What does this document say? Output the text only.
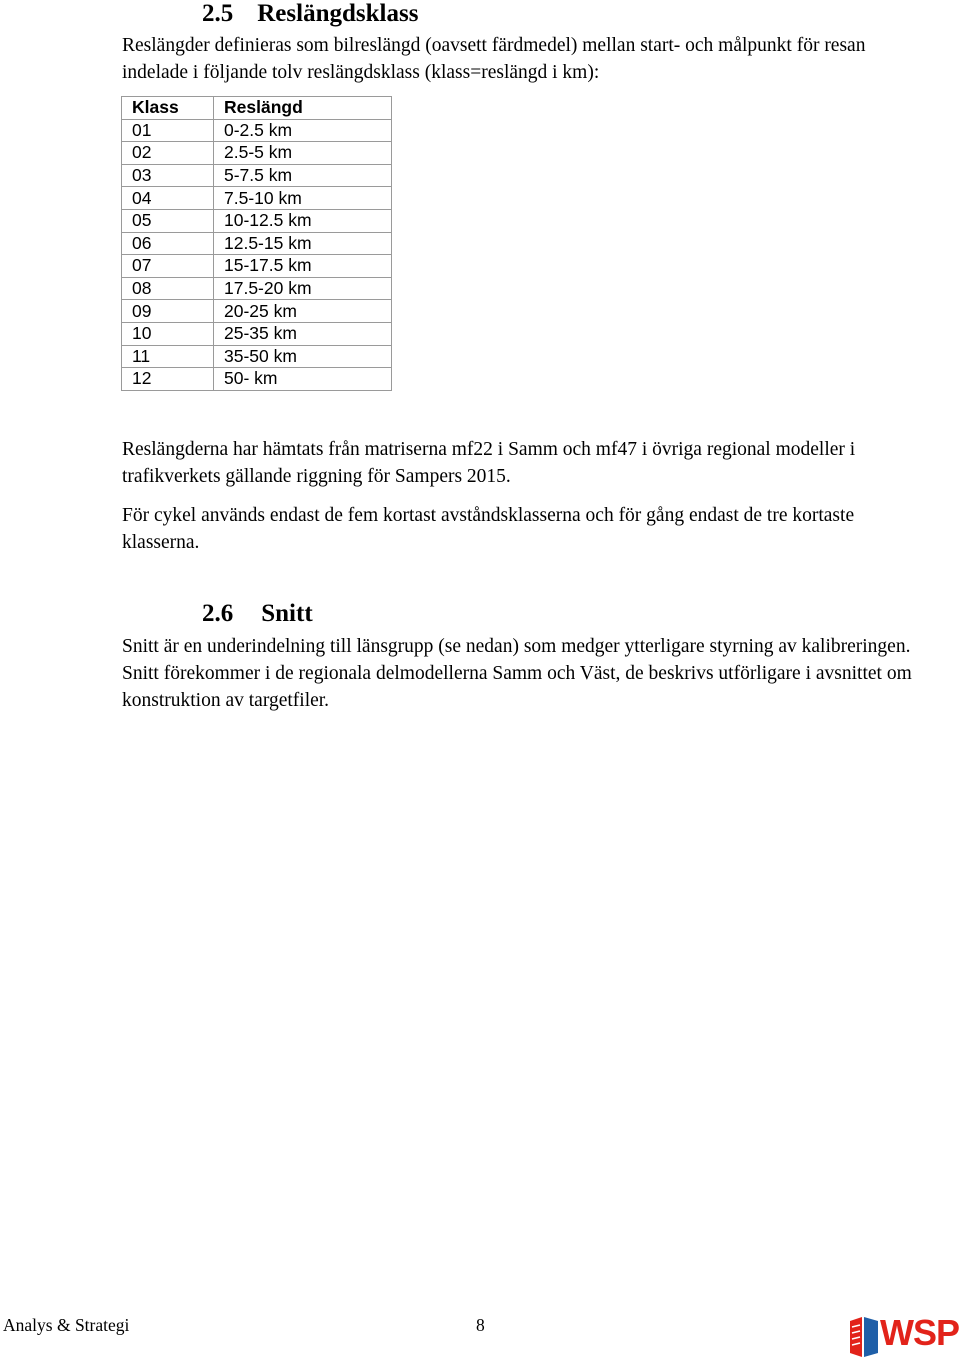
2.5 Reslängdsklass

Reslängder definieras som bilreslängd (oavsett färdmedel) mellan start- och målpunkt för resan indelade i följande tolv reslängdsklass (klass=reslängd i km):

Klass	Reslängd
01	0-2.5 km
02	2.5-5 km
03	5-7.5 km
04	7.5-10 km
05	10-12.5 km
06	12.5-15 km
07	15-17.5 km
08	17.5-20 km
09	20-25 km
10	25-35 km
11	35-50 km
12	50- km

Reslängderna har hämtats från matriserna mf22 i Samm och mf47 i övriga regional modeller i trafikverkets gällande riggning för Sampers 2015.

För cykel används endast de fem kortast avståndsklasserna och för gång endast de tre kortaste klasserna.

2.6 Snitt

Snitt är en underindelning till länsgrupp (se nedan) som medger ytterligare styrning av kalibreringen. Snitt förekommer i de regionala delmodellerna Samm och Väst, de beskrivs utförligare i avsnittet om konstruktion av targetfiler.

Analys & Strategi	8	WSP
